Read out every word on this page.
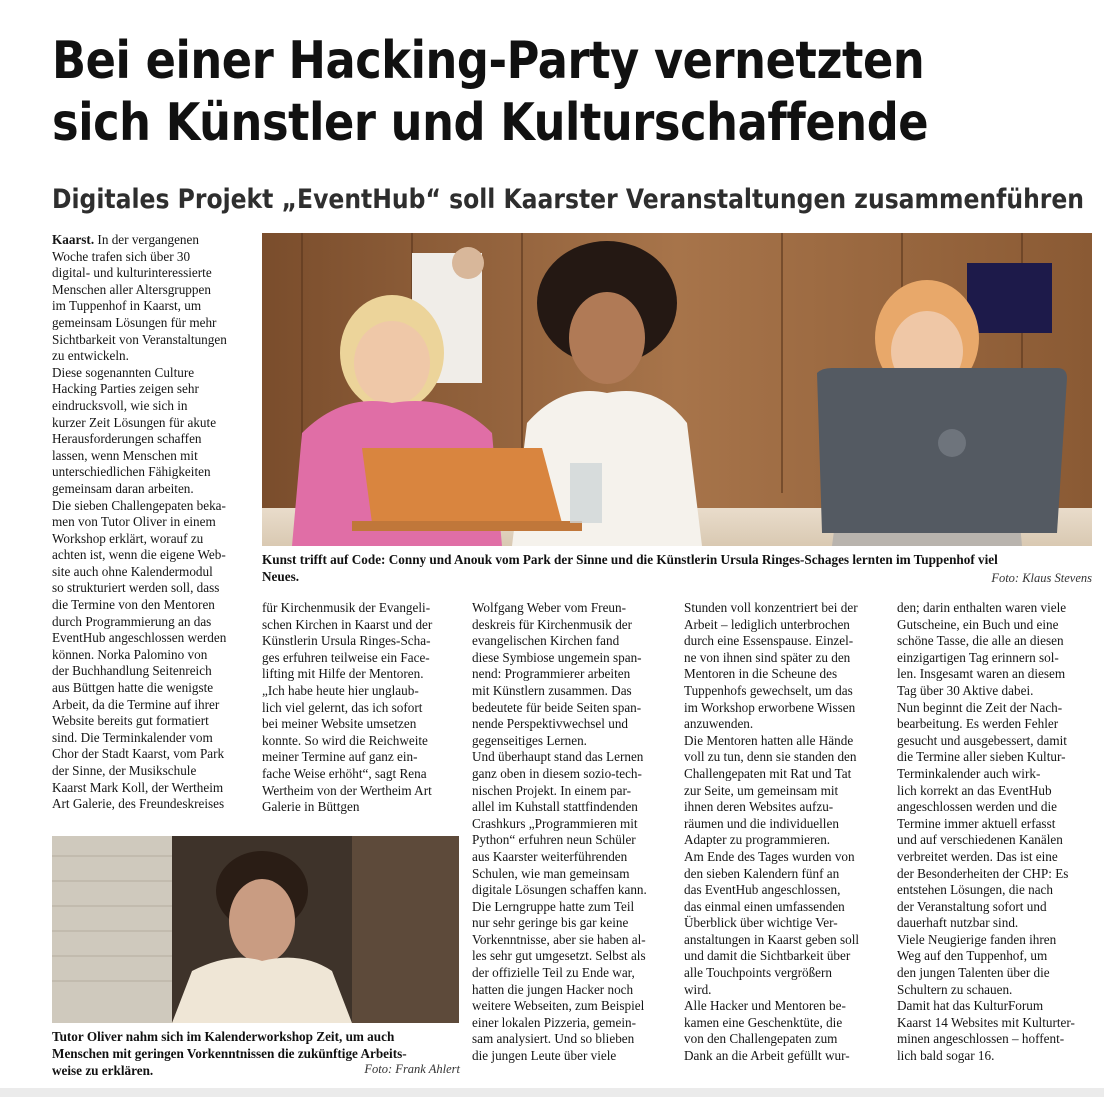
Bei einer Hacking-Party vernetzten
sich Künstler und Kulturschaffende
Digitales Projekt „EventHub“ soll Kaarster Veranstaltungen zusammenführen
Kunst trifft auf Code: Conny und Anouk vom Park der Sinne und die Künstlerin Ursula Ringes-Schages lernten im Tuppenhof viel
Neues.	Foto: Klaus Stevens

Kaarst. In der vergangenen
Woche trafen sich über 30
digital- und kulturinteressierte
Menschen aller Altersgruppen
im Tuppenhof in Kaarst, um
gemeinsam Lösungen für mehr
Sichtbarkeit von Veranstaltungen
zu entwickeln.
Diese sogenannten Culture
Hacking Parties zeigen sehr
eindrucksvoll, wie sich in
kurzer Zeit Lösungen für akute
Herausforderungen schaffen
lassen, wenn Menschen mit
unterschiedlichen Fähigkeiten
gemeinsam daran arbeiten.
Die sieben Challengepaten beka-
men von Tutor Oliver in einem
Workshop erklärt, worauf zu
achten ist, wenn die eigene Web-
site auch ohne Kalendermodul
so strukturiert werden soll, dass
die Termine von den Mentoren
durch Programmierung an das
EventHub angeschlossen werden
können. Norka Palomino von
der Buchhandlung Seitenreich
aus Büttgen hatte die wenigste
Arbeit, da die Termine auf ihrer
Website bereits gut formatiert
sind. Die Terminkalender vom
Chor der Stadt Kaarst, vom Park
der Sinne, der Musikschule
Kaarst Mark Koll, der Wertheim
Art Galerie, des Freundeskreises

für Kirchenmusik der Evangeli-
schen Kirchen in Kaarst und der
Künstlerin Ursula Ringes-Scha-
ges erfuhren teilweise ein Face-
lifting mit Hilfe der Mentoren.
„Ich habe heute hier unglaub-
lich viel gelernt, das ich sofort
bei meiner Website umsetzen
konnte. So wird die Reichweite
meiner Termine auf ganz ein-
fache Weise erhöht“, sagt Rena
Wertheim von der Wertheim Art
Galerie in Büttgen

Tutor Oliver nahm sich im Kalenderworkshop Zeit, um auch
Menschen mit geringen Vorkenntnissen die zukünftige Arbeits-
weise zu erklären.	Foto: Frank Ahlert

Wolfgang Weber vom Freun-
deskreis für Kirchenmusik der
evangelischen Kirchen fand
diese Symbiose ungemein span-
nend: Programmierer arbeiten
mit Künstlern zusammen. Das
bedeutete für beide Seiten span-
nende Perspektivwechsel und
gegenseitiges Lernen.
Und überhaupt stand das Lernen
ganz oben in diesem sozio-tech-
nischen Projekt. In einem par-
allel im Kuhstall stattfindenden
Crashkurs „Programmieren mit
Python“ erfuhren neun Schüler
aus Kaarster weiterführenden
Schulen, wie man gemeinsam
digitale Lösungen schaffen kann.
Die Lerngruppe hatte zum Teil
nur sehr geringe bis gar keine
Vorkenntnisse, aber sie haben al-
les sehr gut umgesetzt. Selbst als
der offizielle Teil zu Ende war,
hatten die jungen Hacker noch
weitere Webseiten, zum Beispiel
einer lokalen Pizzeria, gemein-
sam analysiert. Und so blieben
die jungen Leute über viele

Stunden voll konzentriert bei der
Arbeit – lediglich unterbrochen
durch eine Essenspause. Einzel-
ne von ihnen sind später zu den
Mentoren in die Scheune des
Tuppenhofs gewechselt, um das
im Workshop erworbene Wissen
anzuwenden.
Die Mentoren hatten alle Hände
voll zu tun, denn sie standen den
Challengepaten mit Rat und Tat
zur Seite, um gemeinsam mit
ihnen deren Websites aufzu-
räumen und die individuellen
Adapter zu programmieren.
Am Ende des Tages wurden von
den sieben Kalendern fünf an
das EventHub angeschlossen,
das einmal einen umfassenden
Überblick über wichtige Ver-
anstaltungen in Kaarst geben soll
und damit die Sichtbarkeit über
alle Touchpoints vergrößern
wird.
Alle Hacker und Mentoren be-
kamen eine Geschenktüte, die
von den Challengepaten zum
Dank an die Arbeit gefüllt wur-

den; darin enthalten waren viele
Gutscheine, ein Buch und eine
schöne Tasse, die alle an diesen
einzigartigen Tag erinnern sol-
len. Insgesamt waren an diesem
Tag über 30 Aktive dabei.
Nun beginnt die Zeit der Nach-
bearbeitung. Es werden Fehler
gesucht und ausgebessert, damit
die Termine aller sieben Kultur-
Terminkalender auch wirk-
lich korrekt an das EventHub
angeschlossen werden und die
Termine immer aktuell erfasst
und auf verschiedenen Kanälen
verbreitet werden. Das ist eine
der Besonderheiten der CHP: Es
entstehen Lösungen, die nach
der Veranstaltung sofort und
dauerhaft nutzbar sind.
Viele Neugierige fanden ihren
Weg auf den Tuppenhof, um
den jungen Talenten über die
Schultern zu schauen.
Damit hat das KulturForum
Kaarst 14 Websites mit Kulturter-
minen angeschlossen – hoffent-
lich bald sogar 16.
